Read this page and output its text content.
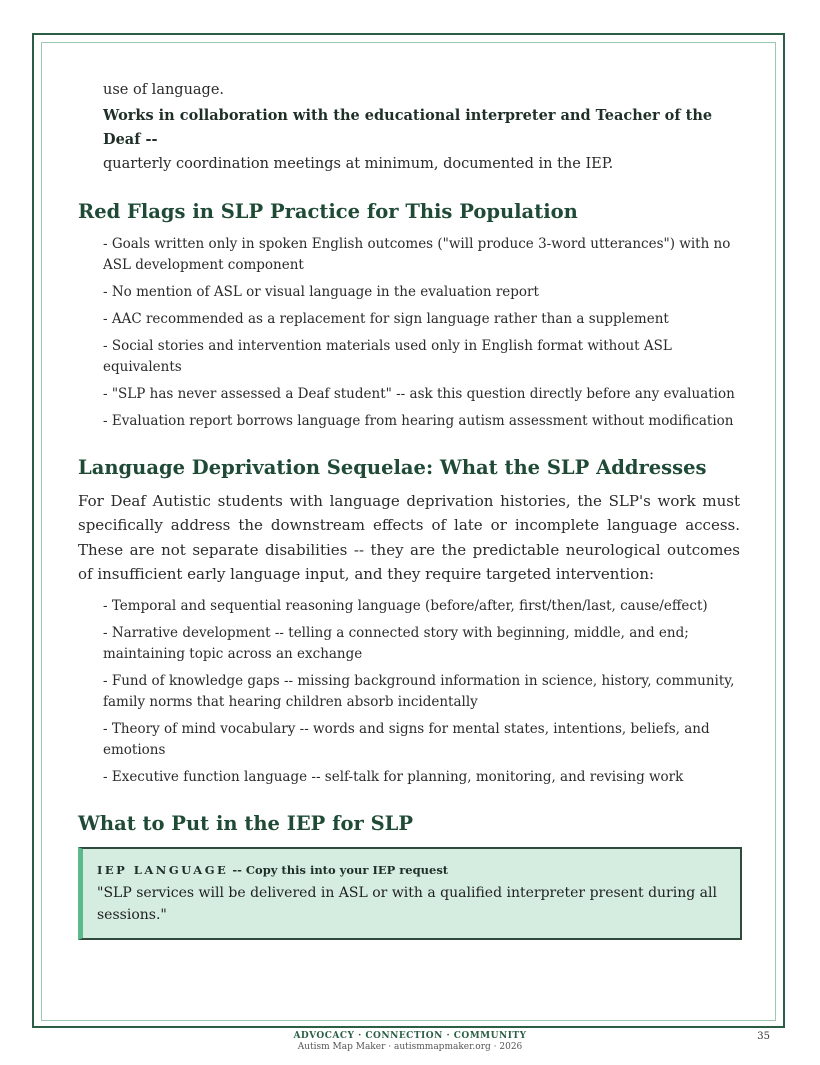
use of language.

Works in collaboration with the educational interpreter and Teacher of the Deaf --
quarterly coordination meetings at minimum, documented in the IEP.

Red Flags in SLP Practice for This Population
- Goals written only in spoken English outcomes ("will produce 3-word utterances") with no ASL development component
- No mention of ASL or visual language in the evaluation report
- AAC recommended as a replacement for sign language rather than a supplement
- Social stories and intervention materials used only in English format without ASL equivalents
- "SLP has never assessed a Deaf student" -- ask this question directly before any evaluation
- Evaluation report borrows language from hearing autism assessment without modification
Language Deprivation Sequelae: What the SLP Addresses

For Deaf Autistic students with language deprivation histories, the SLP's work must specifically address the downstream effects of late or incomplete language access. These are not separate disabilities -- they are the predictable neurological outcomes of insufficient early language input, and they require targeted intervention:

- Temporal and sequential reasoning language (before/after, first/then/last, cause/effect)
- Narrative development -- telling a connected story with beginning, middle, and end; maintaining topic across an exchange
- Fund of knowledge gaps -- missing background information in science, history, community, family norms that hearing children absorb incidentally
- Theory of mind vocabulary -- words and signs for mental states, intentions, beliefs, and emotions
- Executive function language -- self-talk for planning, monitoring, and revising work
What to Put in the IEP for SLP
IEP LANGUAGE -- Copy this into your IEP request
"SLP services will be delivered in ASL or with a qualified interpreter present during all sessions."
ADVOCACY · CONNECTION · COMMUNITY
Autism Map Maker · autismmapmaker.org · 2026
35
